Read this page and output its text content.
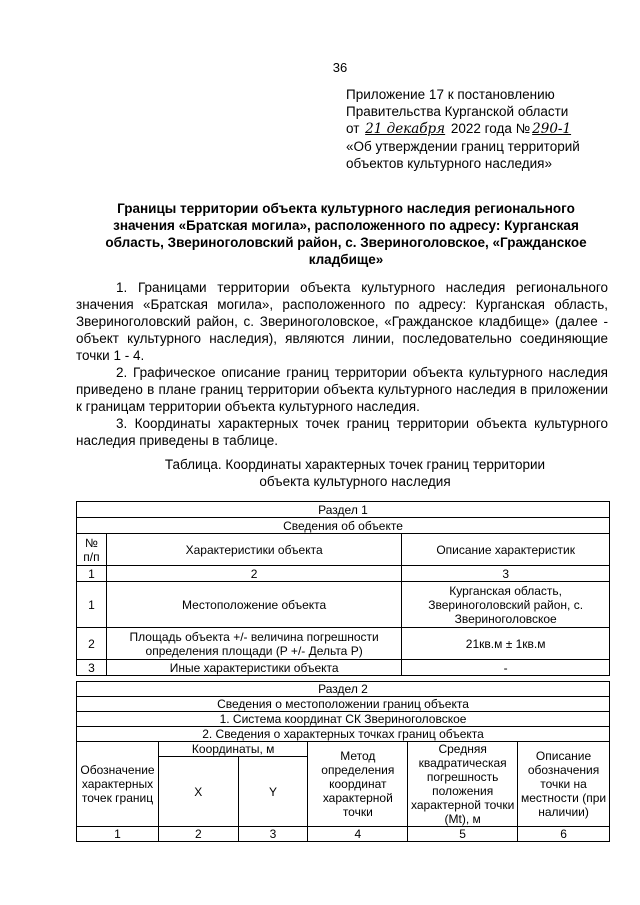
36
Приложение 17 к постановлению
Правительства Курганской области
от 21 декабря 2022 года № 290-1
«Об утверждении границ территорий
объектов культурного наследия»
Границы территории объекта культурного наследия регионального значения «Братская могила», расположенного по адресу: Курганская область, Звериноголовский район, с. Звериноголовское, «Гражданское кладбище»

1. Границами территории объекта культурного наследия регионального значения «Братская могила», расположенного по адресу: Курганская область, Звериноголовский район, с. Звериноголовское, «Гражданское кладбище» (далее - объект культурного наследия), являются линии, последовательно соединяющие точки 1 - 4.

2. Графическое описание границ территории объекта культурного наследия приведено в плане границ территории объекта культурного наследия в приложении к границам территории объекта культурного наследия.

3. Координаты характерных точек границ территории объекта культурного наследия приведены в таблице.

Таблица. Координаты характерных точек границ территории
объекта культурного наследия
Раздел 1		
Сведения об объекте		
№ п/п	Характеристики объекта	Описание характеристик
1	2	3
1	Местоположение объекта	Курганская область, Звериноголовский район, с. Звериноголовское
2	Площадь объекта +/- величина погрешности определения площади (P +/- Дельта P)	21кв.м ± 1кв.м
3	Иные характеристики объекта	-
Раздел 2					
Сведения о местоположении границ объекта					
1. Система координат СК Звериноголовское					
2. Сведения о характерных точках границ объекта					
Обозначение характерных точек границ	Координаты, м		Метод определения координат характерной точки	Средняя квадратическая погрешность положения характерной точки (Mt), м	Описание обозначения точки на местности (при наличии)
	X	Y			
1	2	3	4	5	6
